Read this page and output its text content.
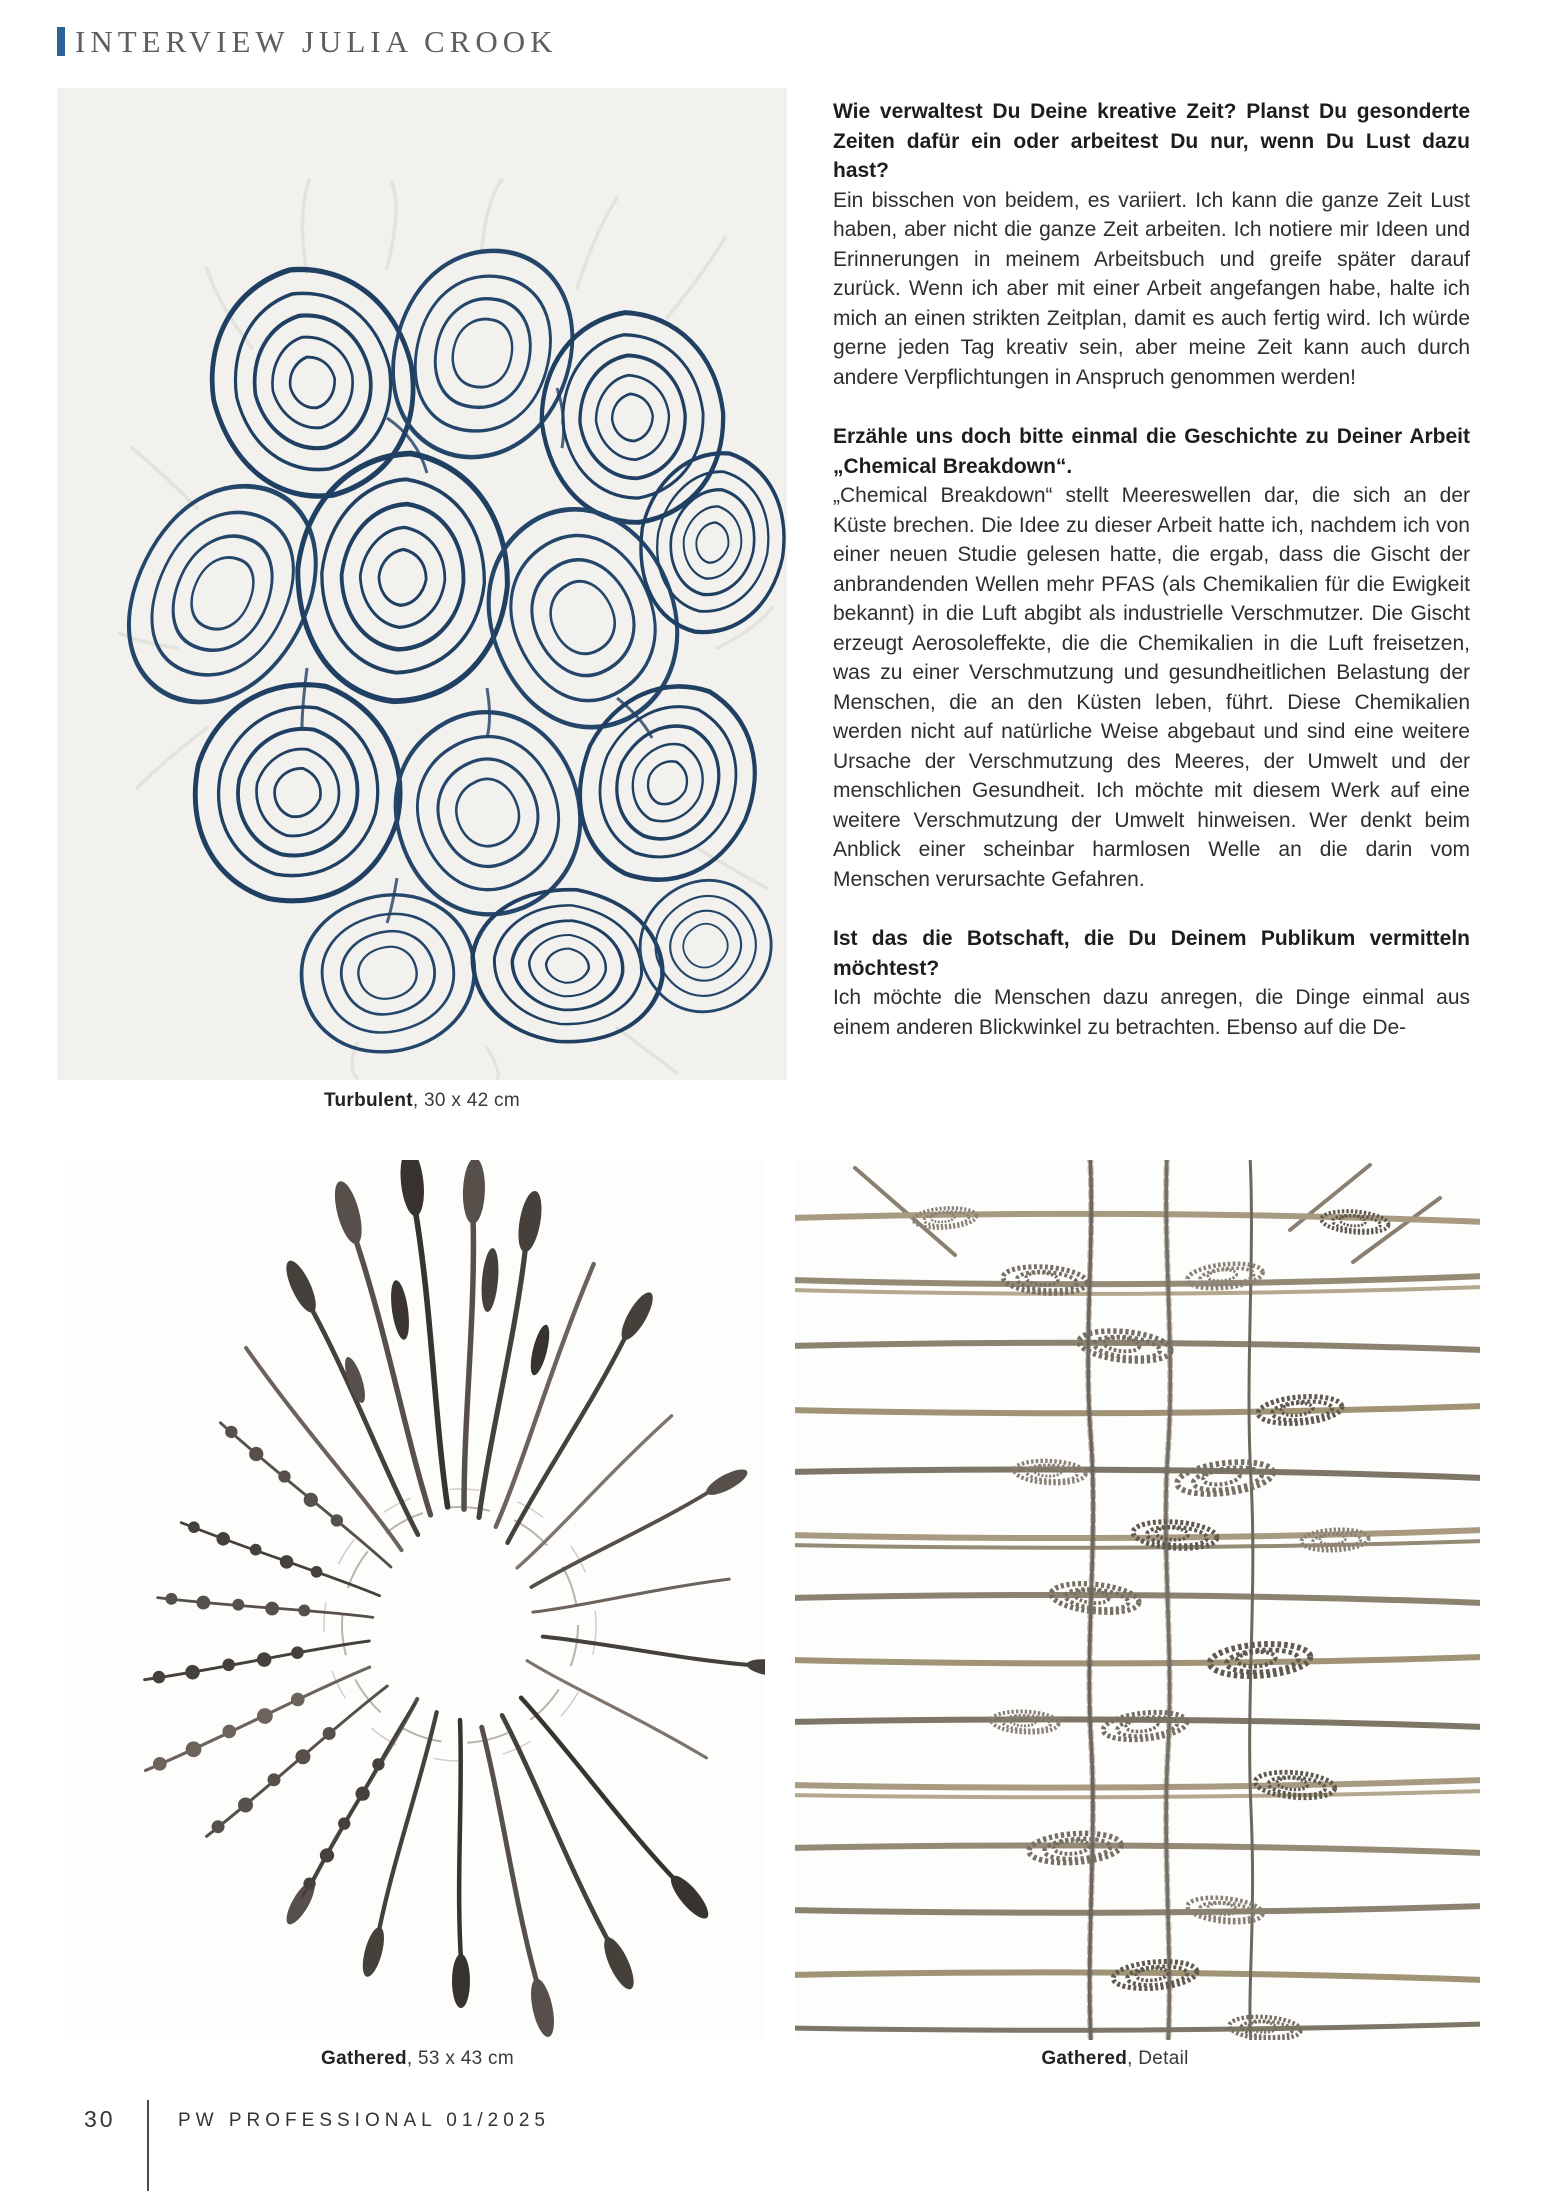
INTERVIEW JULIA CROOK
Turbulent, 30 x 42 cm
Wie verwaltest Du Deine kreative Zeit? Planst Du gesonderte Zeiten dafür ein oder arbeitest Du nur, wenn Du Lust dazu hast?
Ein bisschen von beidem, es variiert. Ich kann die ganze Zeit Lust haben, aber nicht die ganze Zeit arbeiten. Ich notiere mir Ideen und Erinnerungen in meinem Arbeitsbuch und greife später darauf zurück. Wenn ich aber mit einer Arbeit angefangen habe, halte ich mich an einen strikten Zeitplan, damit es auch fertig wird. Ich würde gerne jeden Tag kreativ sein, aber meine Zeit kann auch durch andere Verpflichtungen in Anspruch genommen werden!
Erzähle uns doch bitte einmal die Geschichte zu Deiner Arbeit „Chemical Breakdown“.
„Chemical Breakdown“ stellt Meereswellen dar, die sich an der Küste brechen. Die Idee zu dieser Arbeit hatte ich, nachdem ich von einer neuen Studie gelesen hatte, die ergab, dass die Gischt der anbrandenden Wellen mehr PFAS (als Chemikalien für die Ewigkeit bekannt) in die Luft abgibt als industrielle Verschmutzer. Die Gischt erzeugt Aerosoleffekte, die die Chemikalien in die Luft freisetzen, was zu einer Verschmutzung und gesundheitlichen Belastung der Menschen, die an den Küsten leben, führt. Diese Chemikalien werden nicht auf natürliche Weise abgebaut und sind eine weitere Ursache der Verschmutzung des Meeres, der Umwelt und der menschlichen Gesundheit. Ich möchte mit diesem Werk auf eine weitere Verschmutzung der Umwelt hinweisen. Wer denkt beim Anblick einer scheinbar harmlosen Welle an die darin vom Menschen verursachte Gefahren.
Ist das die Botschaft, die Du Deinem Publikum vermitteln möchtest?
Ich möchte die Menschen dazu anregen, die Dinge einmal aus einem anderen Blickwinkel zu betrachten. Ebenso auf die De-
Gathered, 53 x 43 cm	Gathered, Detail
30	PW PROFESSIONAL 01/2025
